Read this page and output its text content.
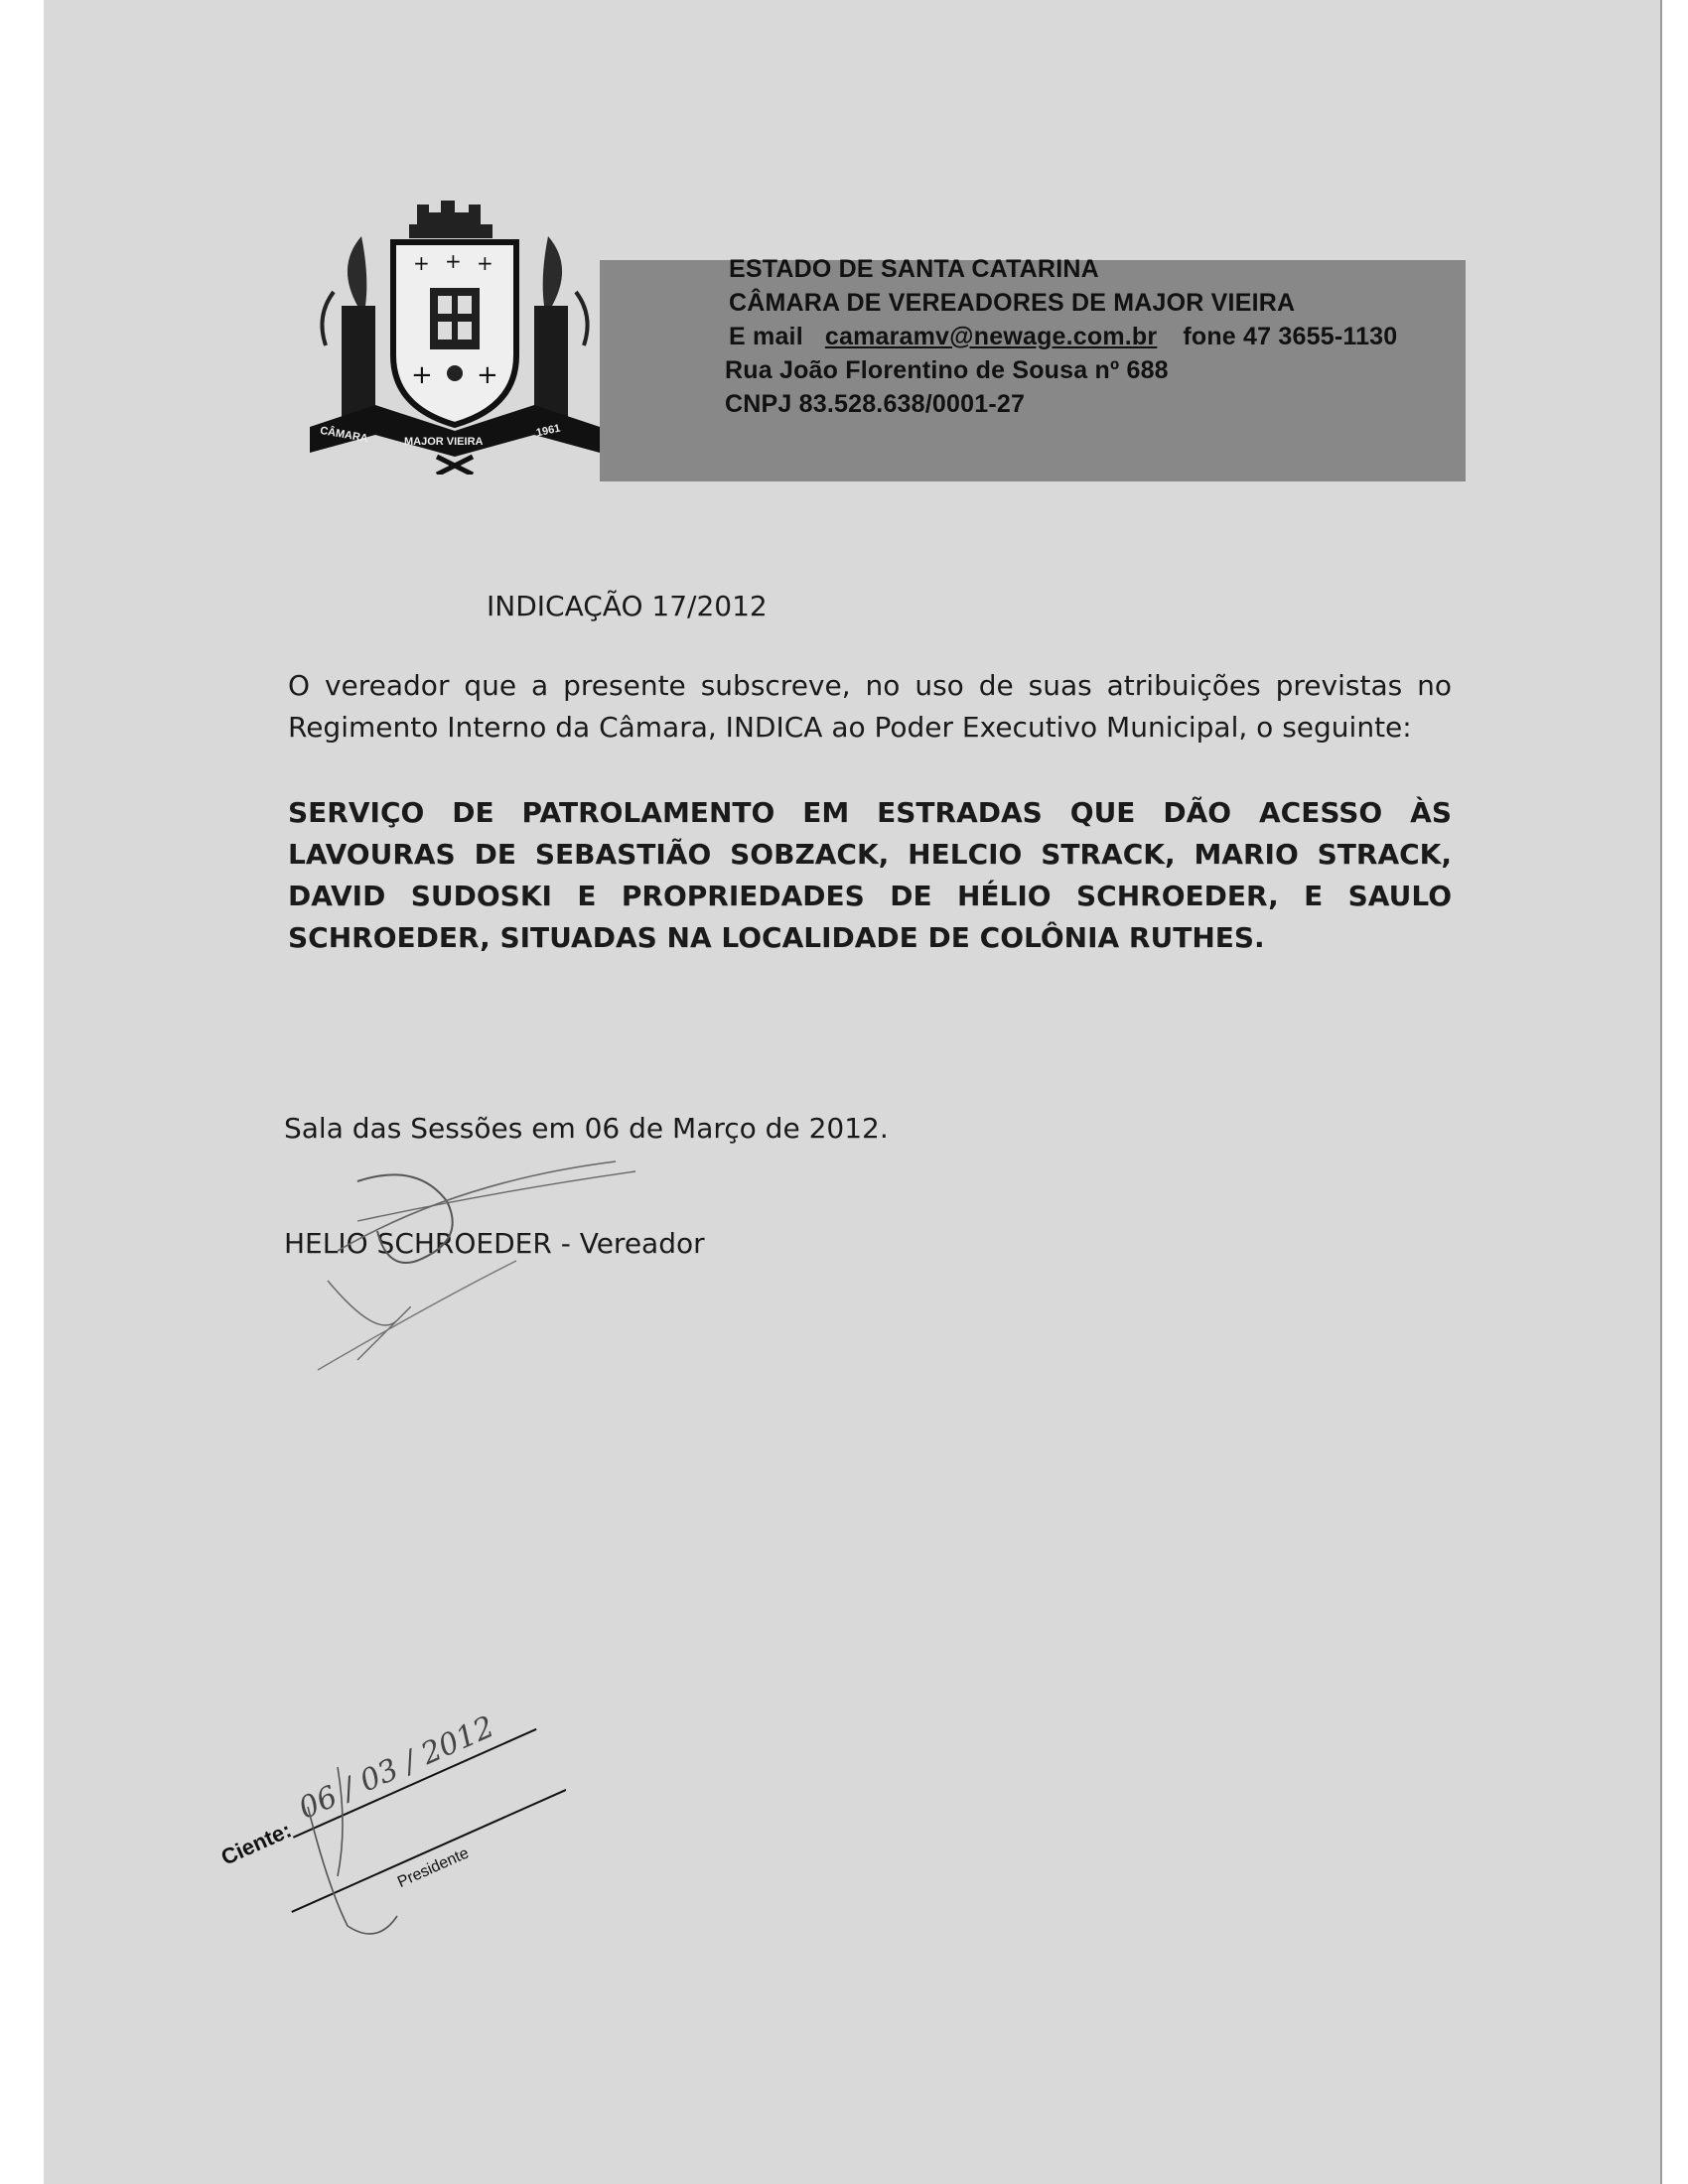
+ + +
+ +
CÂMARA	MAJOR VIEIRA
1961
ESTADO DE SANTA CATARINA
CÂMARA DE VEREADORES DE MAJOR VIEIRA
E mail camaramv@newage.com.br fone 47 3655-1130
Rua João Florentino de Sousa nº 688
CNPJ 83.528.638/0001-27
INDICAÇÃO 17/2012
O vereador que a presente subscreve, no uso de suas atribuições previstas no Regimento Interno da Câmara, INDICA ao Poder Executivo Municipal, o seguinte:
SERVIÇO DE PATROLAMENTO EM ESTRADAS QUE DÃO ACESSO ÀS LAVOURAS DE SEBASTIÃO SOBZACK, HELCIO STRACK, MARIO STRACK, DAVID SUDOSKI E PROPRIEDADES DE HÉLIO SCHROEDER, E SAULO SCHROEDER, SITUADAS NA LOCALIDADE DE COLÔNIA RUTHES.
Sala das Sessões em 06 de Março de 2012.
HELIO SCHROEDER - Vereador
Ciente:	Presidente
06 / 03 / 2012
